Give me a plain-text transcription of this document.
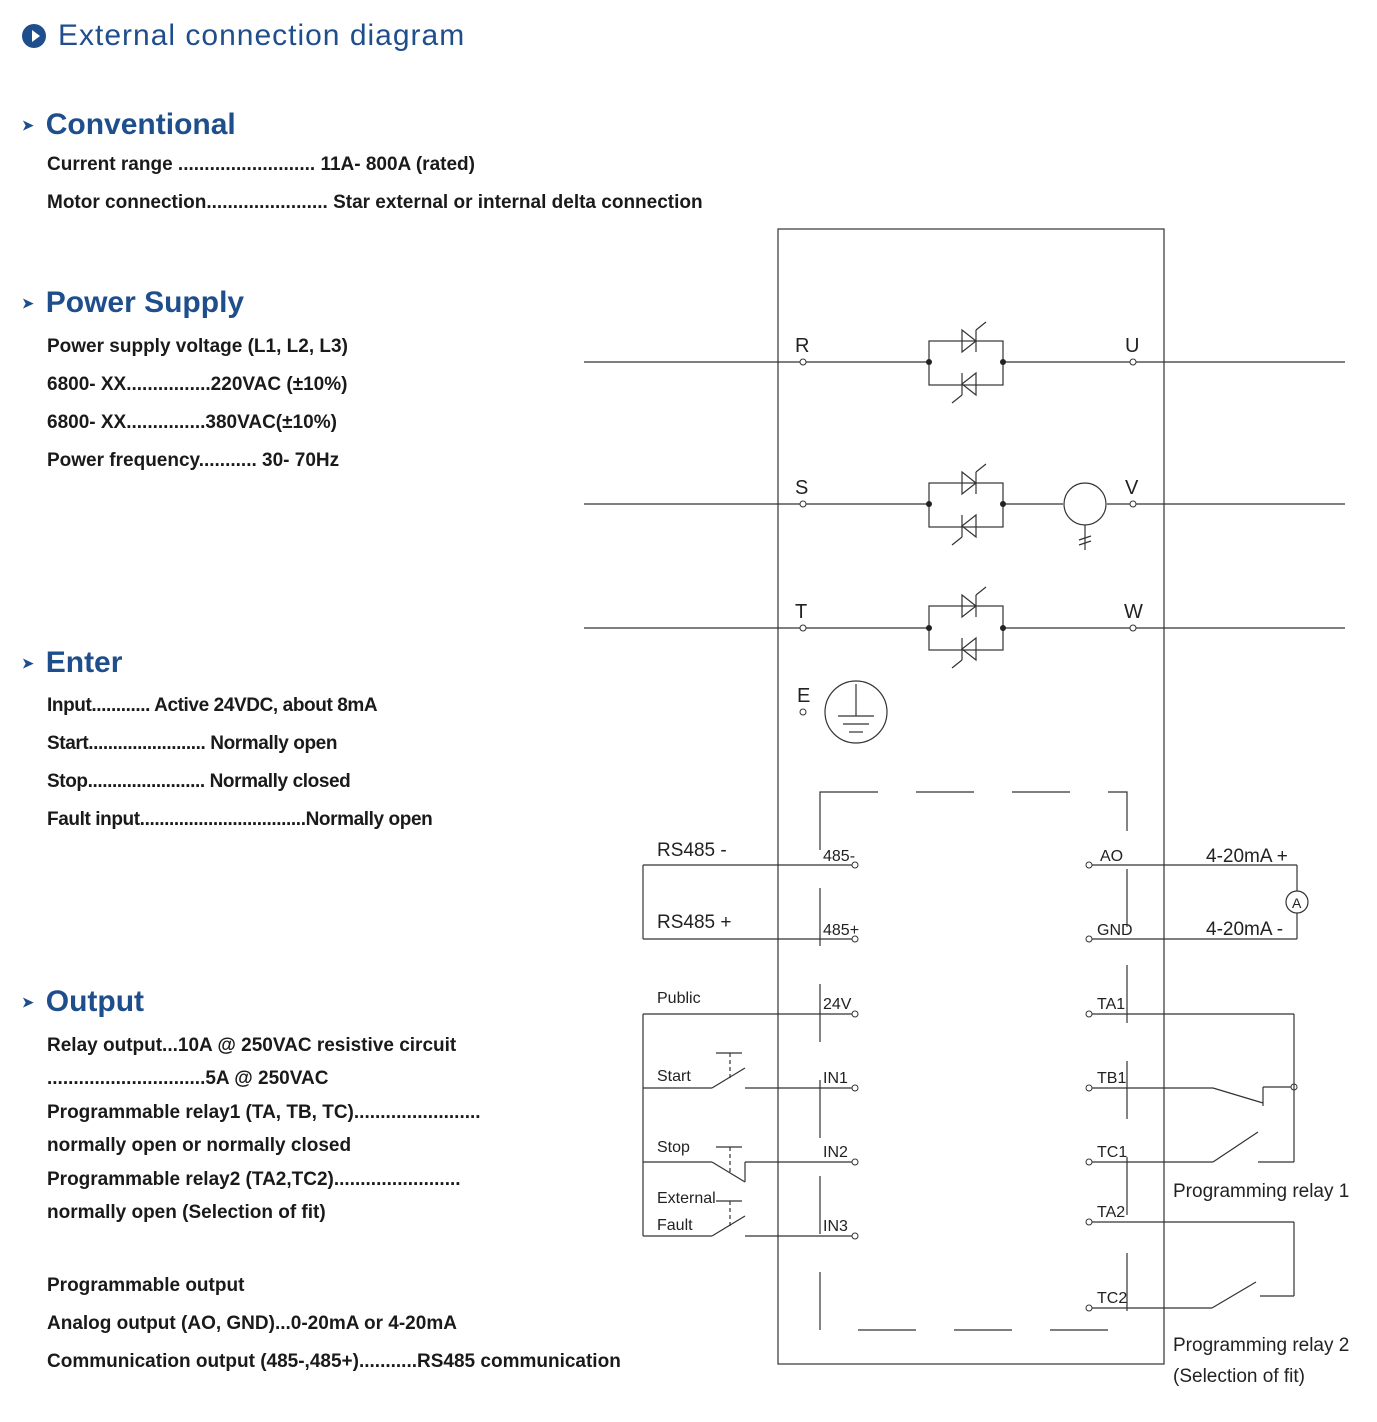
External connection diagram
➤ Conventional
Current range .......................... 11A- 800A (rated)
Motor connection....................... Star external or internal delta connection
➤ Power Supply
Power supply voltage (L1, L2, L3)
6800- XX................220VAC (±10%)
6800- XX...............380VAC(±10%)
Power frequency........... 30- 70Hz
➤ Enter
Input............ Active 24VDC, about 8mA
Start........................ Normally open
Stop........................ Normally closed
Fault input..................................Normally open
➤ Output
Relay output...10A @ 250VAC resistive circuit
..............................5A @ 250VAC
Programmable relay1 (TA, TB, TC)........................
normally open or normally closed
Programmable relay2 (TA2,TC2)........................
normally open (Selection of fit)
Programmable output
Analog output (AO, GND)...0-20mA or 4-20mA
Communication output (485-,485+)...........RS485 communication
R
S
T
E
U
V
W
485-
485+
24V
IN1
IN2
IN3
AO
GND
TA1
TB1
TC1
TA2
TC2
RS485 -
RS485 +
Public
Start
Stop
External
Fault
4-20mA +
4-20mA -
Programming relay 1
Programming relay 2
(Selection of fit)
A
